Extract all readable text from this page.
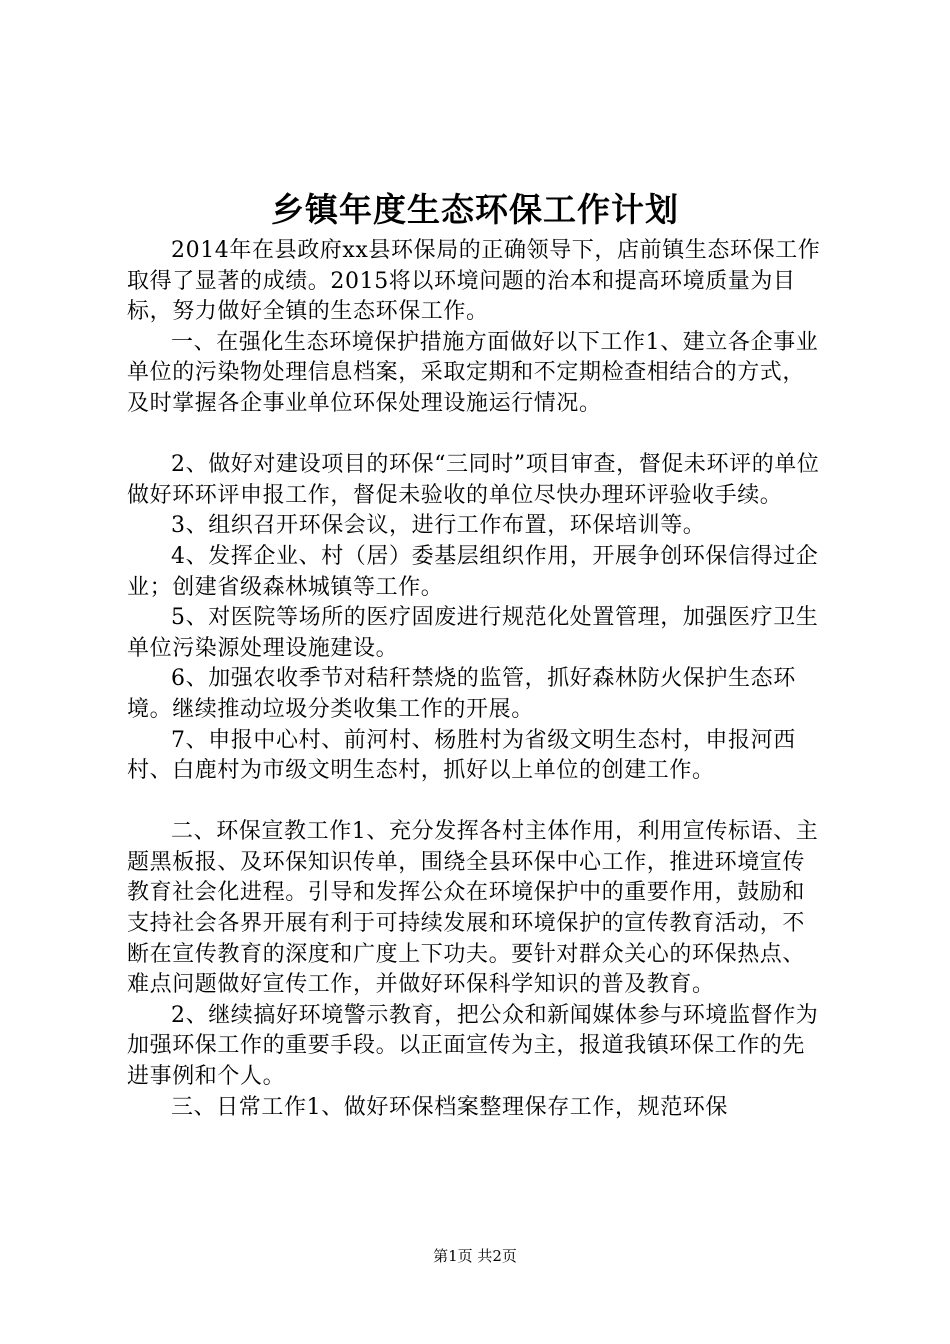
乡镇年度生态环保工作计划

2014年在县政府xx县环保局的正确领导下，店前镇生态环保工作取得了显著的成绩。2015将以环境问题的治本和提高环境质量为目标，努力做好全镇的生态环保工作。

一、在强化生态环境保护措施方面做好以下工作1、建立各企事业单位的污染物处理信息档案，采取定期和不定期检查相结合的方式，及时掌握各企事业单位环保处理设施运行情况。

2、做好对建设项目的环保“三同时”项目审查，督促未环评的单位做好环环评申报工作，督促未验收的单位尽快办理环评验收手续。

3、组织召开环保会议，进行工作布置，环保培训等。

4、发挥企业、村（居）委基层组织作用，开展争创环保信得过企业；创建省级森林城镇等工作。

5、对医院等场所的医疗固废进行规范化处置管理，加强医疗卫生单位污染源处理设施建设。

6、加强农收季节对秸秆禁烧的监管，抓好森林防火保护生态环境。继续推动垃圾分类收集工作的开展。

7、申报中心村、前河村、杨胜村为省级文明生态村，申报河西村、白鹿村为市级文明生态村，抓好以上单位的创建工作。

二、环保宣教工作1、充分发挥各村主体作用，利用宣传标语、主题黑板报、及环保知识传单，围绕全县环保中心工作，推进环境宣传教育社会化进程。引导和发挥公众在环境保护中的重要作用，鼓励和支持社会各界开展有利于可持续发展和环境保护的宣传教育活动，不断在宣传教育的深度和广度上下功夫。要针对群众关心的环保热点、难点问题做好宣传工作，并做好环保科学知识的普及教育。

2、继续搞好环境警示教育，把公众和新闻媒体参与环境监督作为加强环保工作的重要手段。以正面宣传为主，报道我镇环保工作的先进事例和个人。

三、日常工作1、做好环保档案整理保存工作，规范环保

第1页 共2页
